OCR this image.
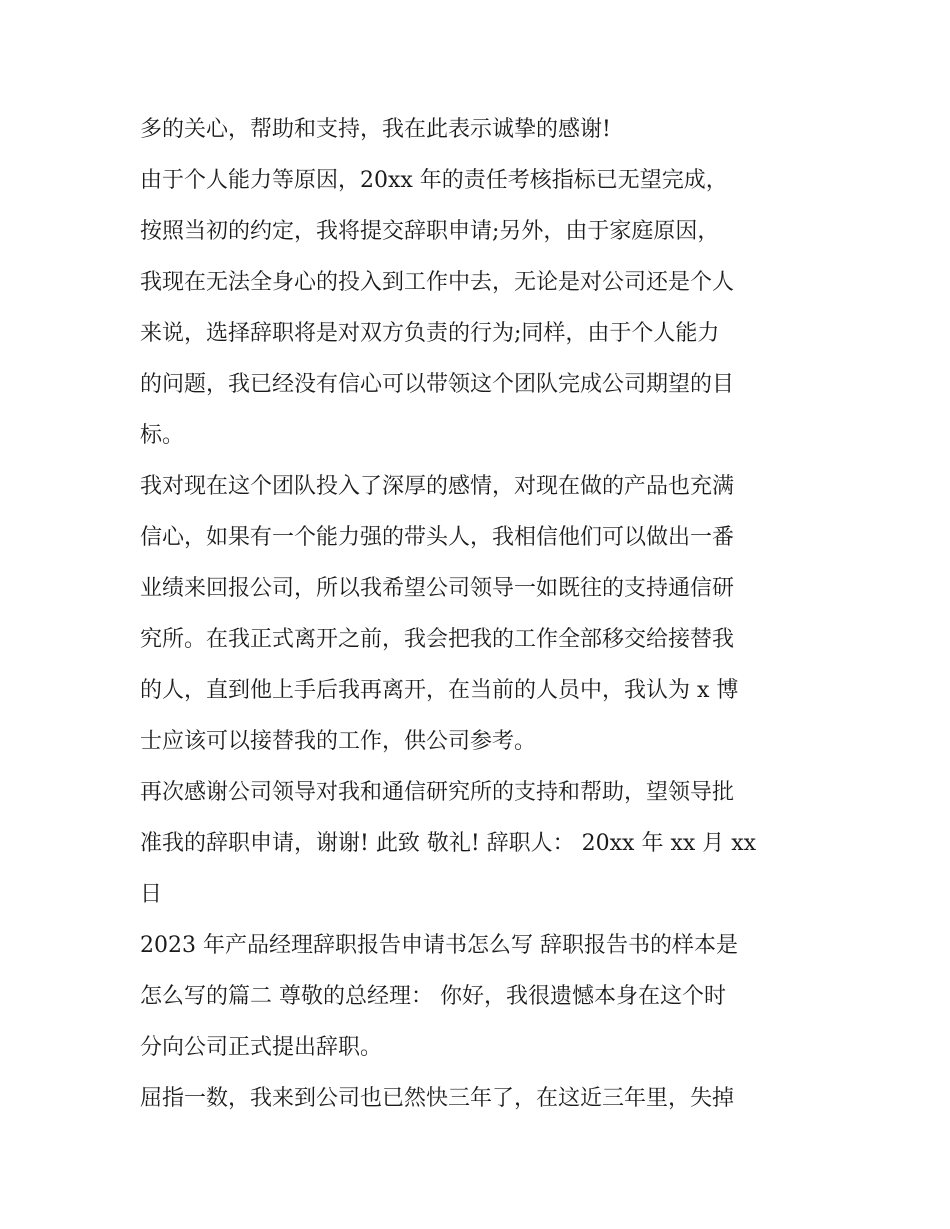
多的关心，帮助和支持，我在此表示诚挚的感谢!
由于个人能力等原因，20xx 年的责任考核指标已无望完成，
按照当初的约定，我将提交辞职申请;另外，由于家庭原因，
我现在无法全身心的投入到工作中去，无论是对公司还是个人
来说，选择辞职将是对双方负责的行为;同样，由于个人能力
的问题，我已经没有信心可以带领这个团队完成公司期望的目
标。
我对现在这个团队投入了深厚的感情，对现在做的产品也充满
信心，如果有一个能力强的带头人，我相信他们可以做出一番
业绩来回报公司，所以我希望公司领导一如既往的支持通信研
究所。在我正式离开之前，我会把我的工作全部移交给接替我
的人，直到他上手后我再离开，在当前的人员中，我认为 x 博
士应该可以接替我的工作，供公司参考。
再次感谢公司领导对我和通信研究所的支持和帮助，望领导批
准我的辞职申请，谢谢! 此致 敬礼! 辞职人： 20xx 年 xx 月 xx
日
2023 年产品经理辞职报告申请书怎么写 辞职报告书的样本是
怎么写的篇二 尊敬的总经理： 你好，我很遗憾本身在这个时
分向公司正式提出辞职。
屈指一数，我来到公司也已然快三年了，在这近三年里，失掉
